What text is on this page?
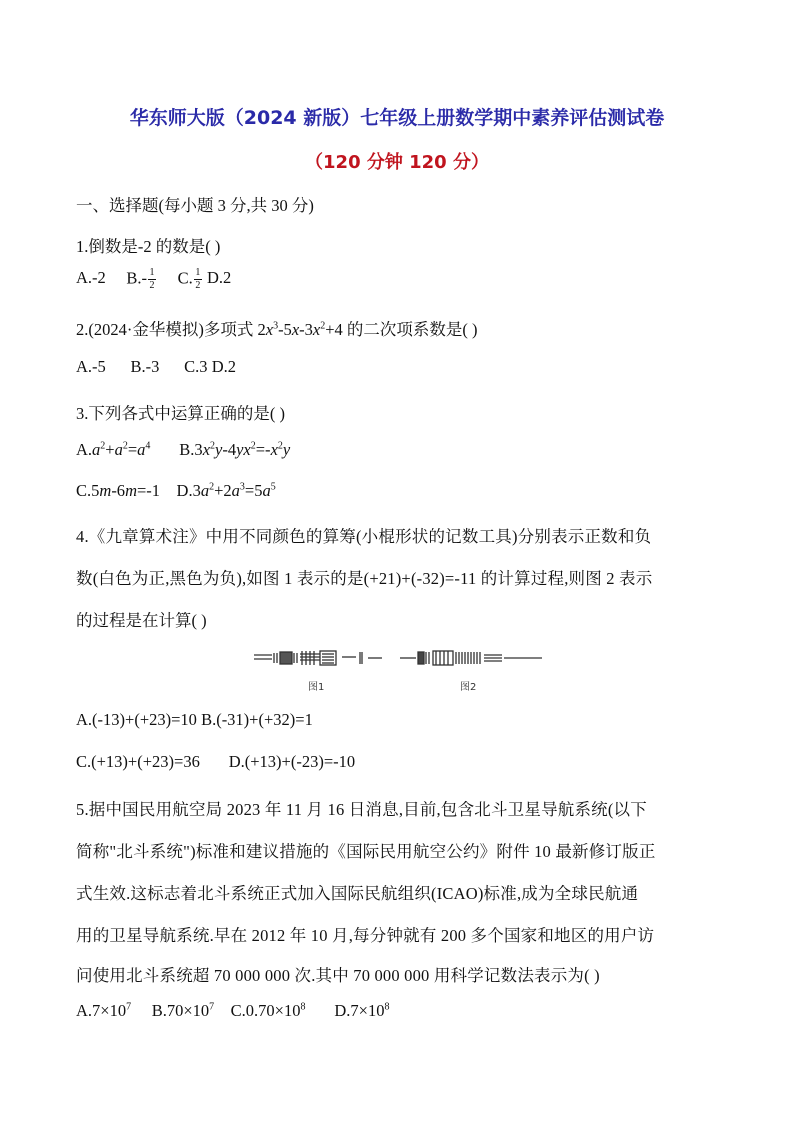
华东师大版（2024 新版）七年级上册数学期中素养评估测试卷
（120 分钟 120 分）
一、选择题(每小题 3 分,共 30 分)
1.倒数是-2 的数是( )
A.-2 $B.- \frac{1}{2} C$. $\frac{1}{2} D.2$
2.(2024·金华模拟)多项式 $2x^3-5x-3x^2+4$ 的二次项系数是( )
A.-5 B.-3 C.3 D.2
3.下列各式中运算正确的是( )
$A.a^2+a^2=a^4$ $B.3x^2y-4yx^2=-x^2y$
C.5m-6m=-1 $D.3a^2+2a^3=5a^5$
4.《九章算术注》中用不同颜色的算筹(小棍形状的记数工具)分别表示正数和负
数(白色为正,黑色为负),如图 1 表示的是(+21)+(-32)=-11 的计算过程,则图 2 表示
的过程是在计算( )
图1	图2
A.(-13)+(+23)=10 B.(-31)+(+32)=1
C.(+13)+(+23)=36 D.(+13)+(-23)=-10
5.据中国民用航空局 2023 年 11 月 16 日消息,目前,包含北斗卫星导航系统(以下
简称"北斗系统")标准和建议措施的《国际民用航空公约》附件 10 最新修订版正
式生效.这标志着北斗系统正式加入国际民航组织(ICAO)标准,成为全球民航通
用的卫星导航系统.早在 2012 年 10 月,每分钟就有 200 多个国家和地区的用户访
问使用北斗系统超 70 000 000 次.其中 70 000 000 用科学记数法表示为( )
$A.7\times 10^7$ $B.70\times 10^7$ $C.0.70\times 10^8$ $D.7\times 10^8$
